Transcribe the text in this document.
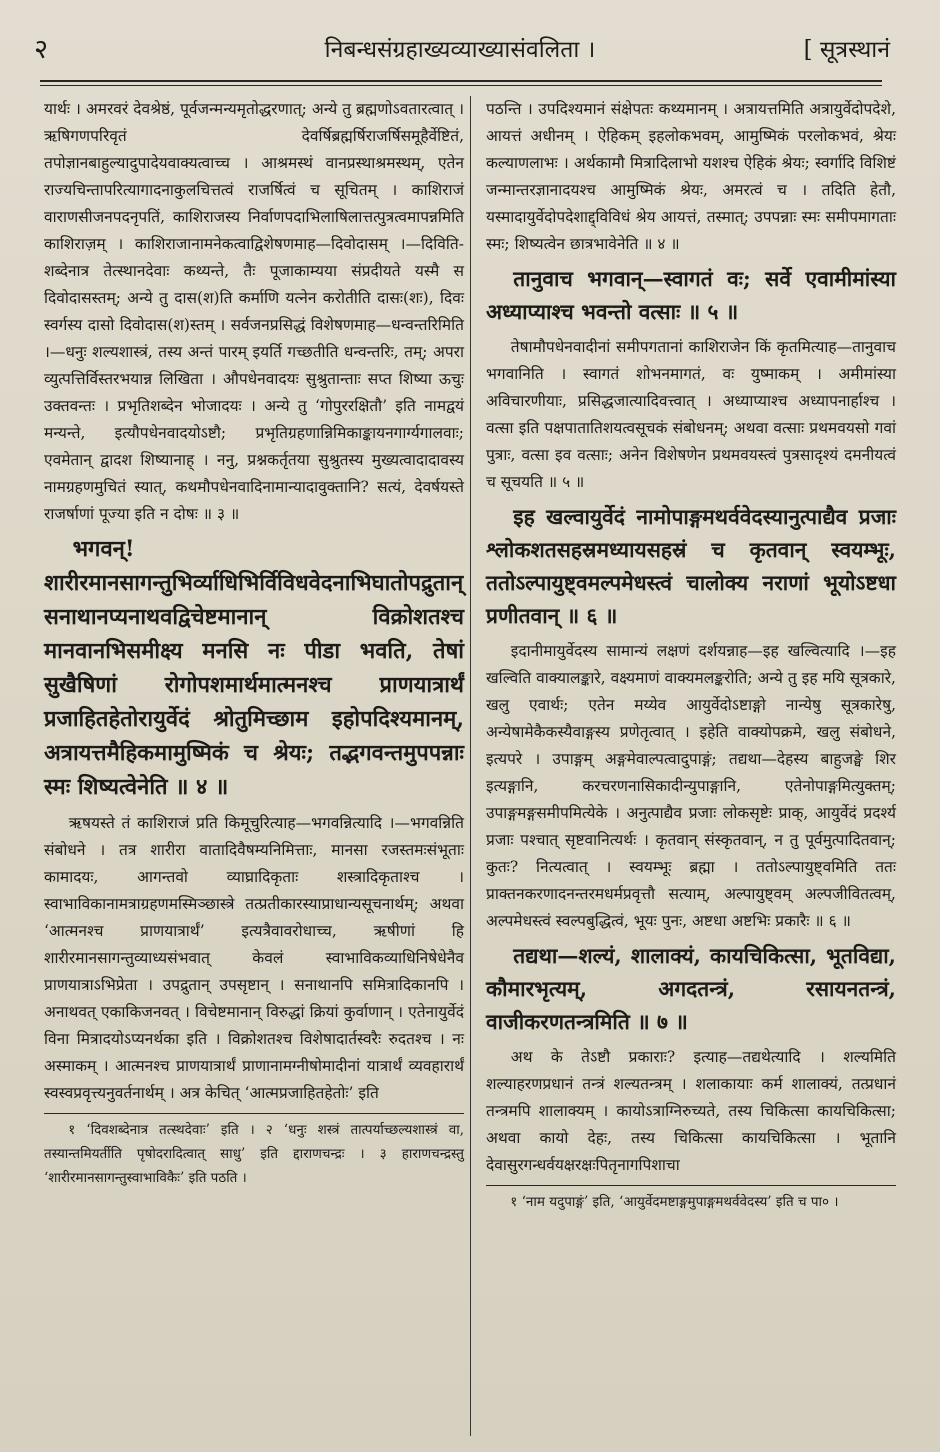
२	निबन्धसंग्रहाख्यव्याख्यासंवलिता ।	[ सूत्रस्थानं

यार्थः । अमरवरं देवश्रेष्ठं, पूर्वजन्मन्यमृतोद्धरणात्; अन्ये तु ब्रह्मणोऽवतारत्वात् । ऋषिगणपरिवृतं देवर्षिब्रह्मर्षिराजर्षिसमूहैर्वेष्टितं, तपोज्ञानबाहुल्यादुपादेयवाक्यत्वाच्च । आश्रमस्थं वानप्रस्थाश्रमस्थम्, एतेन राज्यचिन्तापरित्यागादनाकुलचित्तत्वं राजर्षित्वं च सूचितम् । काशिराजं वाराणसीजनपदनृपतिं, काशिराजस्य निर्वाणपदाभिलाषिलात्तत्पुत्रत्वमापन्नमिति काशिराज़म् । काशिराजानामनेकत्वाद्विशेषणमाह—दिवोदासम् ।—दिविति-शब्देनात्र तेत्स्थानदेवाः कथ्यन्ते, तैः पूजाकाम्यया संप्रदीयते यस्मै स दिवोदासस्तम्; अन्ये तु दास(श)ति कर्माणि यत्नेन करोतीति दासः(शः), दिवः स्वर्गस्य दासो दिवोदास(श)स्तम् । सर्वजनप्रसिद्धं विशेषणमाह—धन्वन्तरिमिति ।—धनुः शल्यशास्त्रं, तस्य अन्तं पारम् इयर्ति गच्छतीति धन्वन्तरिः, तम्; अपरा व्युत्पत्तिर्विस्तरभयान्न लिखिता । औपधेनवादयः सुश्रुतान्ताः सप्त शिष्या ऊचुः उक्तवन्तः । प्रभृतिशब्देन भोजादयः । अन्ये तु ‘गोपुररक्षितौ’ इति नामद्वयं मन्यन्ते, इत्यौपधेनवादयोऽष्टौ; प्रभृतिग्रहणान्निमिकाङ्कायनगार्ग्यगालवाः; एवमेतान् द्वादश शिष्यानाह् । ननु, प्रश्नकर्तृतया सुश्रुतस्य मुख्यत्वादादावस्य नामग्रहणमुचितं स्यात्, कथमौपधेनवादिनामान्यादावुक्तानि? सत्यं, देवर्षयस्ते राजर्षाणां पूज्या इति न दोषः ॥ ३ ॥

भगवन्! शारीरमानसागन्तुभिर्व्याधिभिर्विविधवेदनाभिघातोपद्रुतान् सनाथानप्यनाथवद्विचेष्टमानान् विक्रोशतश्च मानवानभिसमीक्ष्य मनसि नः पीडा भवति, तेषां सुखैषिणां रोगोपशमार्थमात्मनश्च प्राणयात्रार्थं प्रजाहितहेतोरायुर्वेदं श्रोतुमिच्छाम इहोपदिश्यमानम्, अत्रायत्तमैहिकमामुष्मिकं च श्रेयः; तद्भगवन्तमुपपन्नाः स्मः शिष्यत्वेनेति ॥ ४ ॥

ऋषयस्ते तं काशिराजं प्रति किमूचुरित्याह—भगवन्नित्यादि ।—भगवन्निति संबोधने । तत्र शारीरा वातादिवैषम्यनिमित्ताः, मानसा रजस्तमःसंभूताः कामादयः, आगन्तवो व्याघ्रादिकृताः शस्त्रादिकृताश्च । स्वाभाविकानामत्राग्रहणमस्मिञ्छास्त्रे तत्प्रतीकारस्याप्राधान्यसूचनार्थम्; अथवा ‘आत्मनश्च प्राणयात्रार्थं’ इत्यत्रैवावरोधाच्च, ऋषीणां हि शारीरमानसागन्तुव्याध्यसंभवात् केवलं स्वाभाविकव्याधिनिषेधेनैव प्राणयात्राऽभिप्रेता । उपद्रुतान् उपसृष्टान् । सनाथानपि समित्रादिकानपि । अनाथवत् एकाकिजनवत् । विचेष्टमानान् विरुद्धां क्रियां कुर्वाणान् । एतेनायुर्वेदं विना मित्रादयोऽप्यनर्थका इति । विक्रोशतश्च विशेषादार्तस्वरैः रुदतश्च । नः अस्माकम् । आत्मनश्च प्राणयात्रार्थं प्राणानामग्नीषोमादीनां यात्रार्थं व्यवहारार्थं स्वस्वप्रवृत्त्यनुवर्तनार्थम् । अत्र केचित् ‘आत्मप्रजाहितहेतोः’ इति

१ ‘दिवशब्देनात्र तत्स्थदेवाः’ इति । २ ‘धनुः शस्त्रं तात्पर्याच्छल्यशास्त्रं वा, तस्यान्तमियर्तीति पृषोदरादित्वात् साधु’ इति द्दाराणचन्द्रः । ३ हाराणचन्द्रस्तु ‘शारीरमानसागन्तुस्वाभाविकैः’ इति पठति ।

पठन्ति । उपदिश्यमानं संक्षेपतः कथ्यमानम् । अत्रायत्तमिति अत्रायुर्वेदोपदेशे, आयत्तं अधीनम् । ऐहिकम् इहलोकभवम्, आमुष्मिकं परलोकभवं, श्रेयः कल्याणलाभः । अर्थकामौ मित्रादिलाभो यशश्च ऐहिकं श्रेयः; स्वर्गादि विशिष्टं जन्मान्तरज्ञानादयश्च आमुष्मिकं श्रेयः, अमरत्वं च । तदिति हेतौ, यस्मादायुर्वेदोपदेशाद्द्विविधं श्रेय आयत्तं, तस्मात्; उपपन्नाः स्मः समीपमागताः स्मः; शिष्यत्वेन छात्रभावेनेति ॥ ४ ॥

तानुवाच भगवान्—स्वागतं वः; सर्वे एवामीमांस्या अध्याप्याश्च भवन्तो वत्साः ॥ ५ ॥

तेषामौपधेनवादीनां समीपगतानां काशिराजेन किं कृतमित्याह—तानुवाच भगवानिति । स्वागतं शोभनमागतं, वः युष्माकम् । अमीमांस्या अविचारणीयाः, प्रसिद्धजात्यादिवत्त्वात् । अध्याप्याश्च अध्यापनार्हाश्च । वत्सा इति पक्षपातातिशयत्वसूचकं संबोधनम्; अथवा वत्साः प्रथमवयसो गवां पुत्राः, वत्सा इव वत्साः; अनेन विशेषणेन प्रथमवयस्त्वं पुत्रसादृश्यं दमनीयत्वं च सूचयति ॥ ५ ॥

इह खल्वायुर्वेदं नामोपाङ्गमथर्ववेदस्यानुत्पाद्यैव प्रजाः श्लोकशतसहस्रमध्यायसहस्रं च कृतवान् स्वयम्भूः, ततोऽल्पायुष्ट्वमल्पमेधस्त्वं चालोक्य नराणां भूयोऽष्टधा प्रणीतवान् ॥ ६ ॥

इदानीमायुर्वेदस्य सामान्यं लक्षणं दर्शयन्नाह—इह खल्वित्यादि ।—इह खल्विति वाक्यालङ्कारे, वक्ष्यमाणं वाक्यमलङ्करोति; अन्ये तु इह मयि सूत्रकारे, खलु एवार्थः; एतेन मय्येव आयुर्वेदोऽष्टाङ्गो नान्येषु सूत्रकारेषु, अन्येषामेकैकस्यैवाङ्गस्य प्रणेतृत्वात् । इहेति वाक्योपक्रमे, खलु संबोधने, इत्यपरे । उपाङ्गम् अङ्गमेवाल्पत्वादुपाङ्गं; तद्यथा—देहस्य बाहुजङ्घे शिर इत्यङ्गानि, करचरणनासिकादीन्युपाङ्गानि, एतेनोपाङ्गमित्युक्तम्; उपाङ्गमङ्गसमीपमित्येके । अनुत्पाद्यैव प्रजाः लोकसृष्टेः प्राक्, आयुर्वेदं प्रदर्श्य प्रजाः पश्चात् सृष्टवानित्यर्थः । कृतवान् संस्कृतवान्, न तु पूर्वमुत्पादितवान्; कुतः? नित्यत्वात् । स्वयम्भूः ब्रह्मा । ततोऽल्पायुष्ट्वमिति ततः प्राक्तनकरणादनन्तरमधर्मप्रवृत्तौ सत्याम्, अल्पायुष्ट्वम् अल्पजीवितत्वम्, अल्पमेधस्त्वं स्वल्पबुद्धित्वं, भूयः पुनः, अष्टधा अष्टभिः प्रकारैः ॥ ६ ॥

तद्यथा—शल्यं, शालाक्यं, कायचिकित्सा, भूतविद्या, कौमारभृत्यम्, अगदतन्त्रं, रसायनतन्त्रं, वाजीकरणतन्त्रमिति ॥ ७ ॥

अथ के तेऽष्टौ प्रकाराः? इत्याह—तद्यथेत्यादि । शल्यमिति शल्याहरणप्रधानं तन्त्रं शल्यतन्त्रम् । शलाकायाः कर्म शालाक्यं, तत्प्रधानं तन्त्रमपि शालाक्यम् । कायोऽत्राग्निरुच्यते, तस्य चिकित्सा कायचिकित्सा; अथवा कायो देहः, तस्य चिकित्सा कायचिकित्सा । भूतानि देवासुरगन्धर्वयक्षरक्षःपितृनागपिशाचा

१ ‘नाम यदुपाङ्गं’ इति, ‘आयुर्वेदमष्टाङ्गमुपाङ्गमथर्ववेदस्य’ इति च पा० ।
